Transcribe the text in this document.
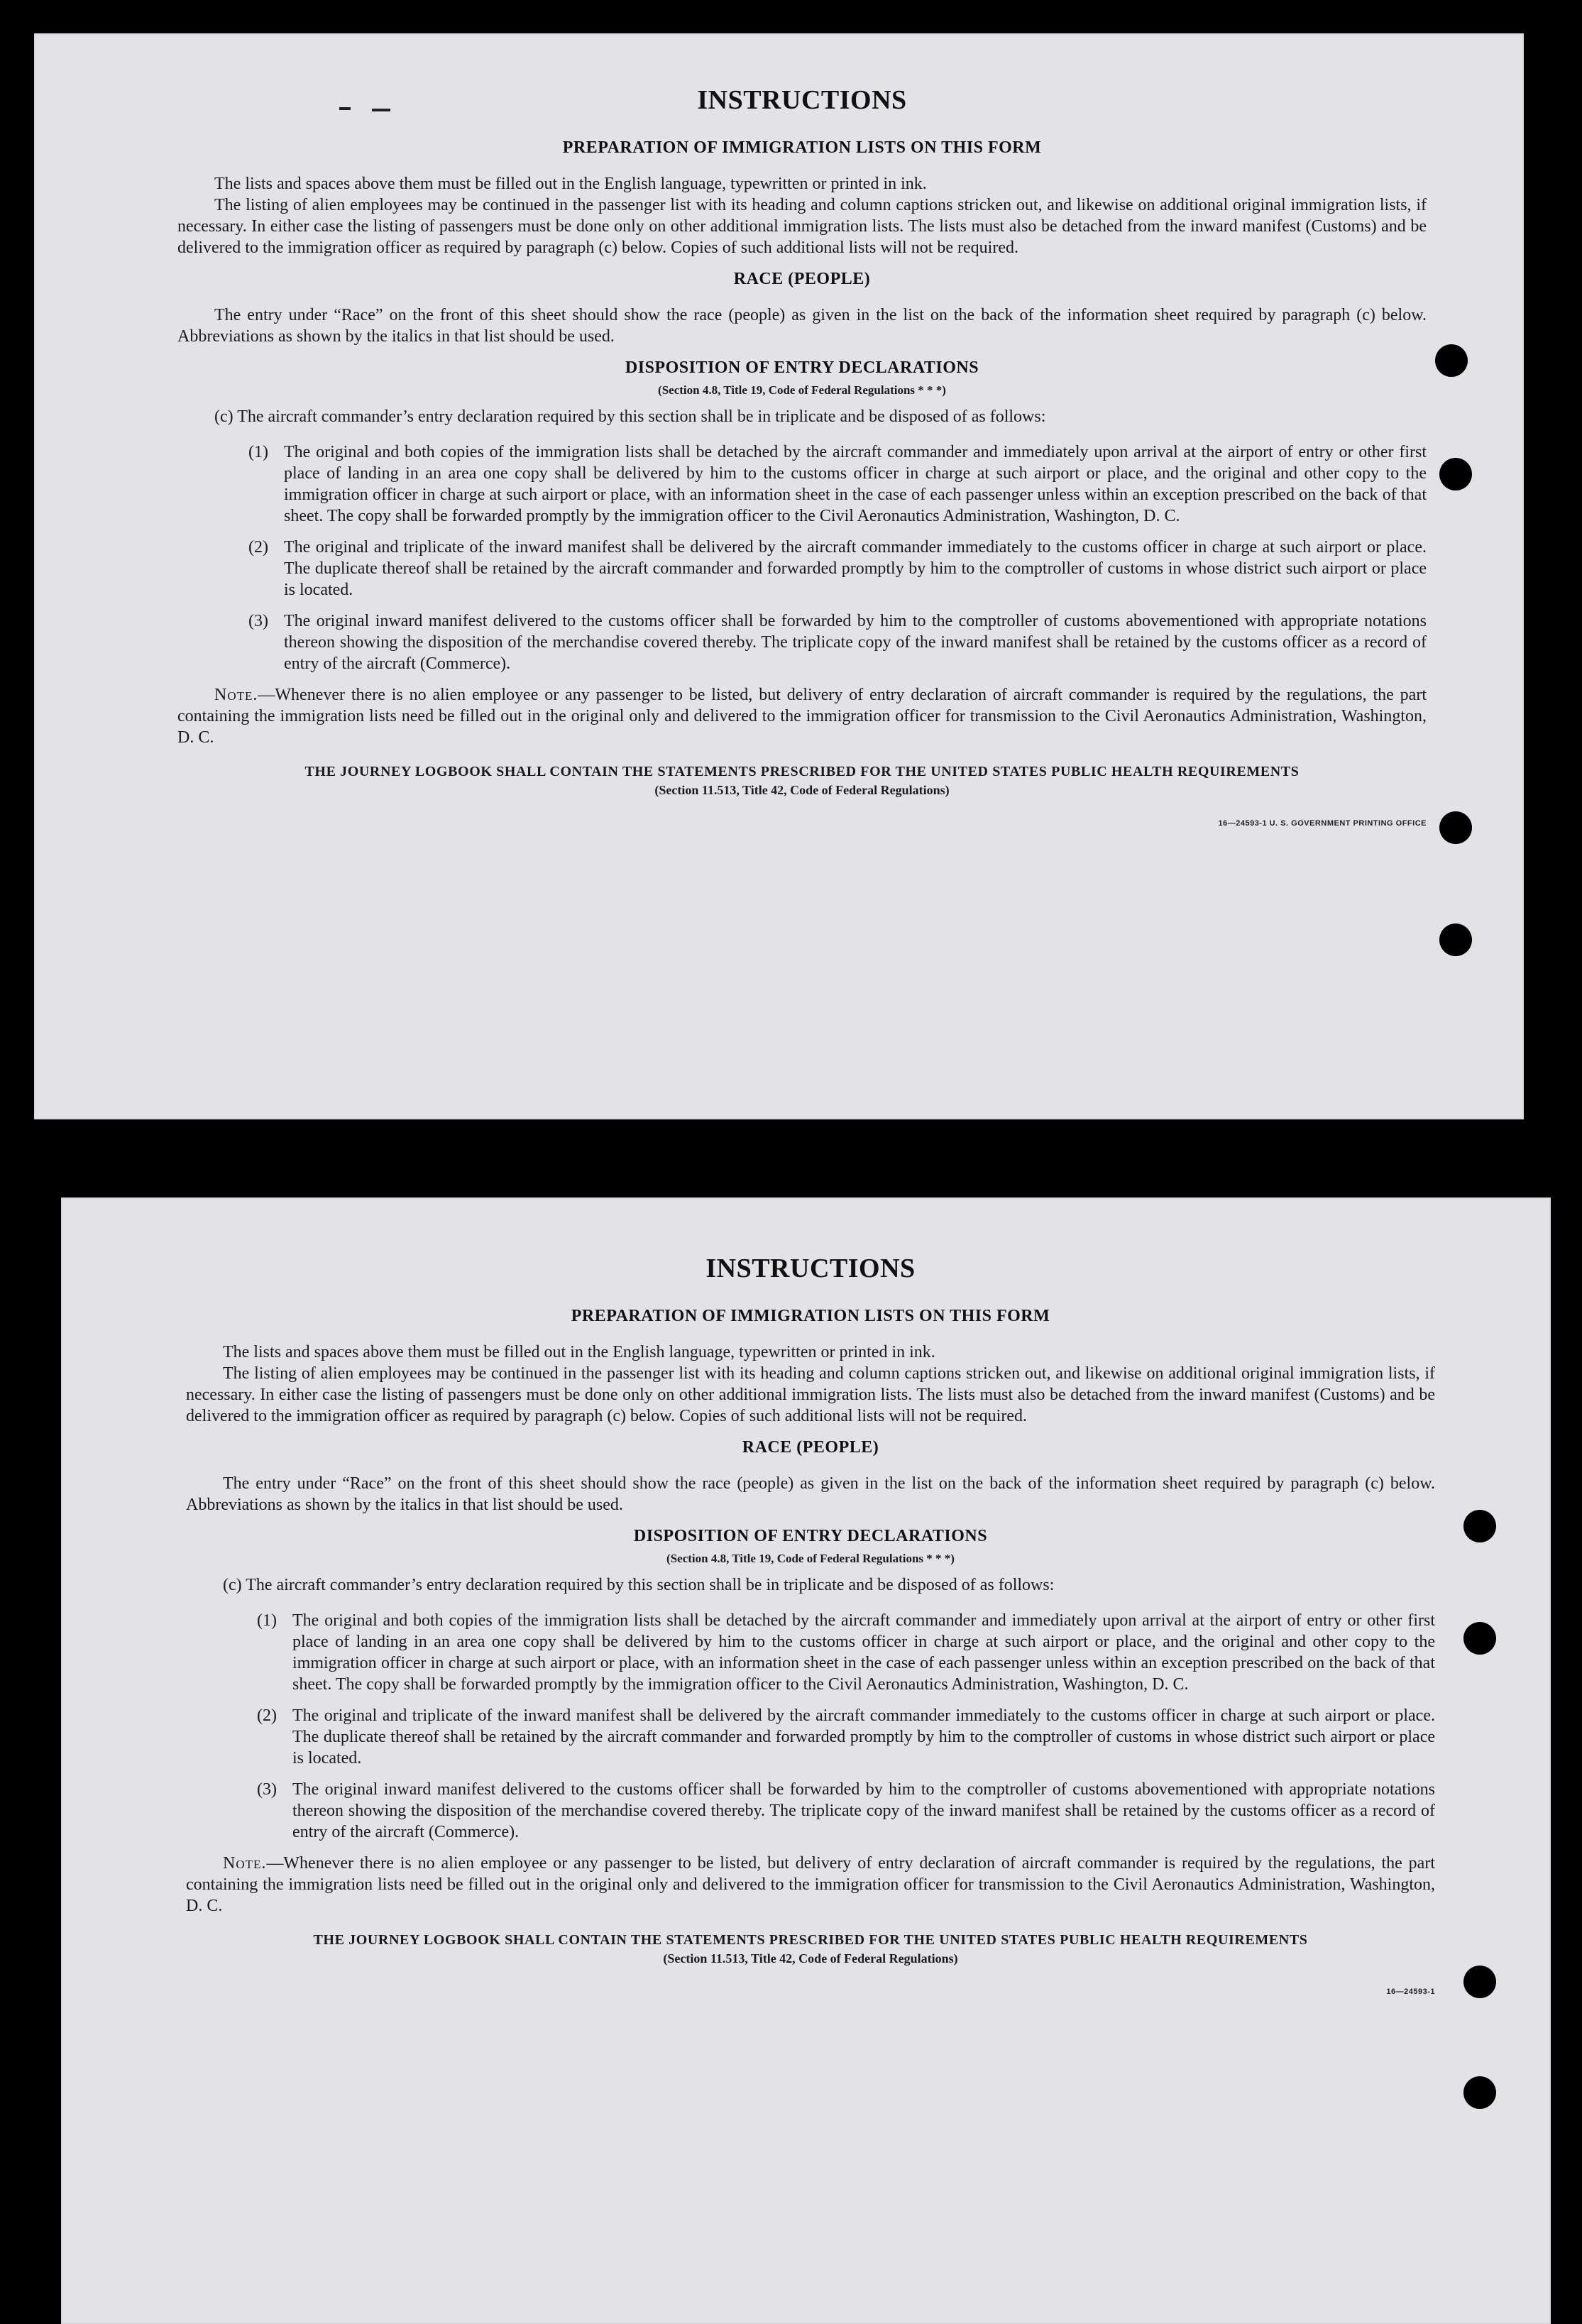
INSTRUCTIONS
PREPARATION OF IMMIGRATION LISTS ON THIS FORM

The lists and spaces above them must be filled out in the English language, typewritten or printed in ink.

The listing of alien employees may be continued in the passenger list with its heading and column captions stricken out, and likewise on additional original immigration lists, if necessary. In either case the listing of passengers must be done only on other additional immigration lists. The lists must also be detached from the inward manifest (Customs) and be delivered to the immigration officer as required by paragraph (c) below. Copies of such additional lists will not be required.

RACE (PEOPLE)

The entry under “Race” on the front of this sheet should show the race (people) as given in the list on the back of the information sheet required by paragraph (c) below. Abbreviations as shown by the italics in that list should be used.

DISPOSITION OF ENTRY DECLARATIONS
(Section 4.8, Title 19, Code of Federal Regulations * * *)

(c) The aircraft commander’s entry declaration required by this section shall be in triplicate and be disposed of as follows:

(1) The original and both copies of the immigration lists shall be detached by the aircraft commander and immediately upon arrival at the airport of entry or other first place of landing in an area one copy shall be delivered by him to the customs officer in charge at such airport or place, and the original and other copy to the immigration officer in charge at such airport or place, with an information sheet in the case of each passenger unless within an exception prescribed on the back of that sheet. The copy shall be forwarded promptly by the immigration officer to the Civil Aeronautics Administration, Washington, D. C.
(2) The original and triplicate of the inward manifest shall be delivered by the aircraft commander immediately to the customs officer in charge at such airport or place. The duplicate thereof shall be retained by the aircraft commander and forwarded promptly by him to the comptroller of customs in whose district such airport or place is located.
(3) The original inward manifest delivered to the customs officer shall be forwarded by him to the comptroller of customs abovementioned with appropriate notations thereon showing the disposition of the merchandise covered thereby. The triplicate copy of the inward manifest shall be retained by the customs officer as a record of entry of the aircraft (Commerce).

Note.—Whenever there is no alien employee or any passenger to be listed, but delivery of entry declaration of aircraft commander is required by the regulations, the part containing the immigration lists need be filled out in the original only and delivered to the immigration officer for transmission to the Civil Aeronautics Administration, Washington, D. C.

THE JOURNEY LOGBOOK SHALL CONTAIN THE STATEMENTS PRESCRIBED FOR THE UNITED STATES PUBLIC HEALTH REQUIREMENTS
(Section 11.513, Title 42, Code of Federal Regulations)
16—24593-1 U. S. GOVERNMENT PRINTING OFFICE
INSTRUCTIONS
PREPARATION OF IMMIGRATION LISTS ON THIS FORM

The lists and spaces above them must be filled out in the English language, typewritten or printed in ink.

The listing of alien employees may be continued in the passenger list with its heading and column captions stricken out, and likewise on additional original immigration lists, if necessary. In either case the listing of passengers must be done only on other additional immigration lists. The lists must also be detached from the inward manifest (Customs) and be delivered to the immigration officer as required by paragraph (c) below. Copies of such additional lists will not be required.

RACE (PEOPLE)

The entry under “Race” on the front of this sheet should show the race (people) as given in the list on the back of the information sheet required by paragraph (c) below. Abbreviations as shown by the italics in that list should be used.

DISPOSITION OF ENTRY DECLARATIONS
(Section 4.8, Title 19, Code of Federal Regulations * * *)

(c) The aircraft commander’s entry declaration required by this section shall be in triplicate and be disposed of as follows:

(1) The original and both copies of the immigration lists shall be detached by the aircraft commander and immediately upon arrival at the airport of entry or other first place of landing in an area one copy shall be delivered by him to the customs officer in charge at such airport or place, and the original and other copy to the immigration officer in charge at such airport or place, with an information sheet in the case of each passenger unless within an exception prescribed on the back of that sheet. The copy shall be forwarded promptly by the immigration officer to the Civil Aeronautics Administration, Washington, D. C.
(2) The original and triplicate of the inward manifest shall be delivered by the aircraft commander immediately to the customs officer in charge at such airport or place. The duplicate thereof shall be retained by the aircraft commander and forwarded promptly by him to the comptroller of customs in whose district such airport or place is located.
(3) The original inward manifest delivered to the customs officer shall be forwarded by him to the comptroller of customs abovementioned with appropriate notations thereon showing the disposition of the merchandise covered thereby. The triplicate copy of the inward manifest shall be retained by the customs officer as a record of entry of the aircraft (Commerce).

Note.—Whenever there is no alien employee or any passenger to be listed, but delivery of entry declaration of aircraft commander is required by the regulations, the part containing the immigration lists need be filled out in the original only and delivered to the immigration officer for transmission to the Civil Aeronautics Administration, Washington, D. C.

THE JOURNEY LOGBOOK SHALL CONTAIN THE STATEMENTS PRESCRIBED FOR THE UNITED STATES PUBLIC HEALTH REQUIREMENTS
(Section 11.513, Title 42, Code of Federal Regulations)
16—24593-1
